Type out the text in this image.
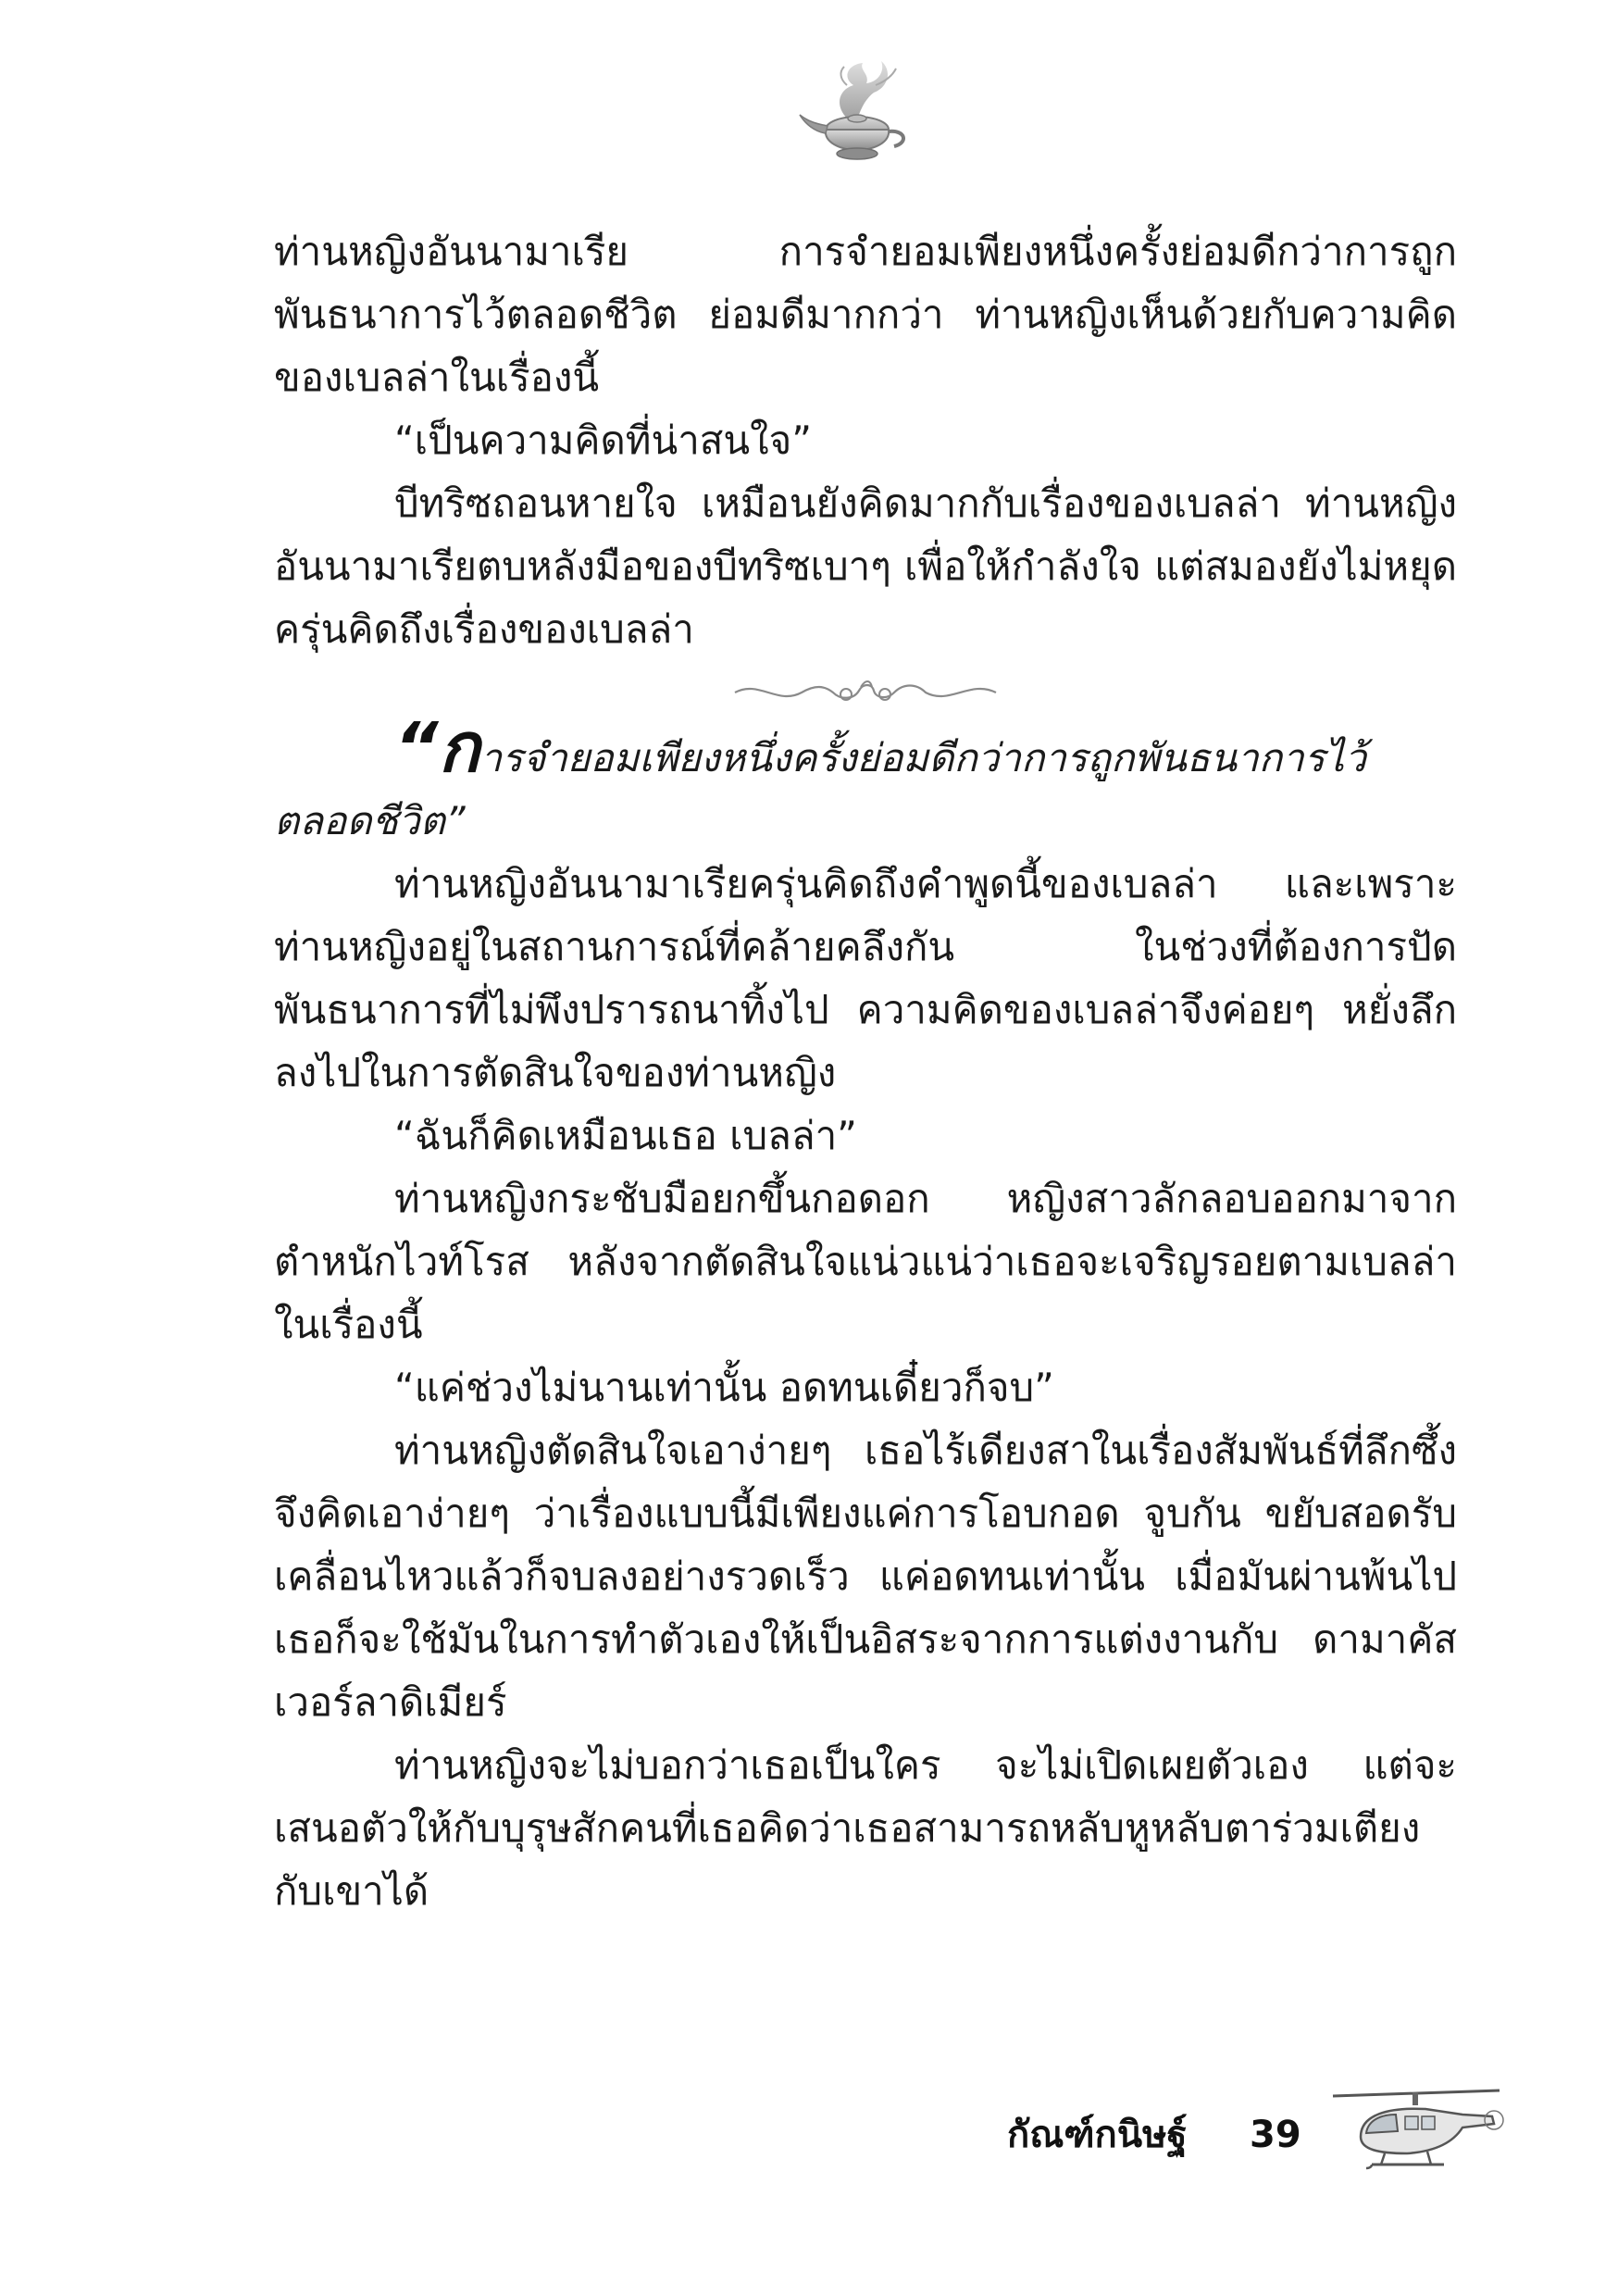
ท่านหญิงอันนามาเรีย การจำยอมเพียงหนึ่งครั้งย่อมดีกว่าการถูกพันธนาการไว้ตลอดชีวิต ย่อมดีมากกว่า ท่านหญิงเห็นด้วยกับความคิดของเบลล่าในเรื่องนี้

“เป็นความคิดที่น่าสนใจ”

บีทริซถอนหายใจ เหมือนยังคิดมากกับเรื่องของเบลล่า ท่านหญิงอันนามาเรียตบหลังมือของบีทริซเบาๆ เพื่อให้กำลังใจ แต่สมองยังไม่หยุดครุ่นคิดถึงเรื่องของเบลล่า

“การจำยอมเพียงหนึ่งครั้งย่อมดีกว่าการถูกพันธนาการไว้ตลอดชีวิต”

ท่านหญิงอันนามาเรียครุ่นคิดถึงคำพูดนี้ของเบลล่า และเพราะท่านหญิงอยู่ในสถานการณ์ที่คล้ายคลึงกัน ในช่วงที่ต้องการปัดพันธนาการที่ไม่พึงปรารถนาทิ้งไป ความคิดของเบลล่าจึงค่อยๆ หยั่งลึกลงไปในการตัดสินใจของท่านหญิง

“ฉันก็คิดเหมือนเธอ เบลล่า”

ท่านหญิงกระชับมือยกขึ้นกอดอก หญิงสาวลักลอบออกมาจากตำหนักไวท์โรส หลังจากตัดสินใจแน่วแน่ว่าเธอจะเจริญรอยตามเบลล่าในเรื่องนี้

“แค่ช่วงไม่นานเท่านั้น อดทนเดี๋ยวก็จบ”

ท่านหญิงตัดสินใจเอาง่ายๆ เธอไร้เดียงสาในเรื่องสัมพันธ์ที่ลึกซึ้งจึงคิดเอาง่ายๆ ว่าเรื่องแบบนี้มีเพียงแค่การโอบกอด จูบกัน ขยับสอดรับเคลื่อนไหวแล้วก็จบลงอย่างรวดเร็ว แค่อดทนเท่านั้น เมื่อมันผ่านพ้นไปเธอก็จะใช้มันในการทำตัวเองให้เป็นอิสระจากการแต่งงานกับ ดามาคัสเวอร์ลาดิเมียร์

ท่านหญิงจะไม่บอกว่าเธอเป็นใคร จะไม่เปิดเผยตัวเอง แต่จะเสนอตัวให้กับบุรุษสักคนที่เธอคิดว่าเธอสามารถหลับหูหลับตาร่วมเตียงกับเขาได้

กัณฑ์กนิษฐ์ 39
